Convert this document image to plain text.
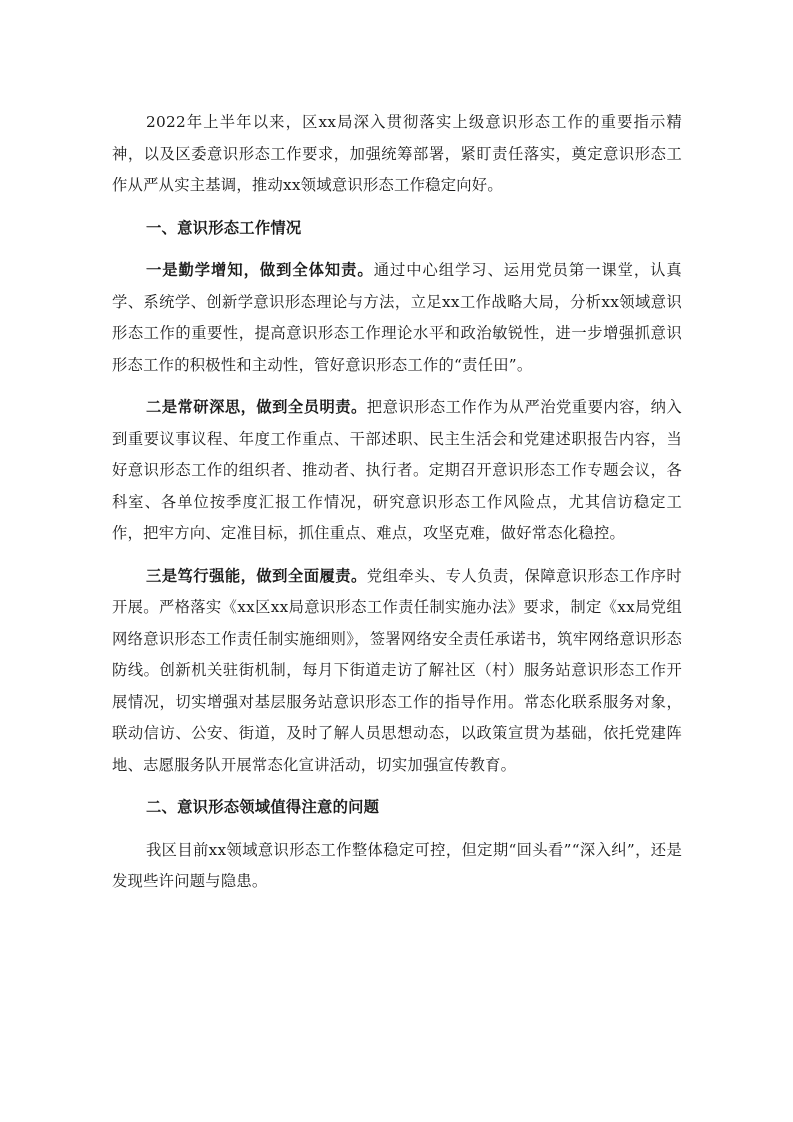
2022年上半年以来，区xx局深入贯彻落实上级意识形态工作的重要指示精神，以及区委意识形态工作要求，加强统筹部署，紧盯责任落实，奠定意识形态工作从严从实主基调，推动xx领域意识形态工作稳定向好。

一、意识形态工作情况

一是勤学增知，做到全体知责。通过中心组学习、运用党员第一课堂，认真学、系统学、创新学意识形态理论与方法，立足xx工作战略大局，分析xx领域意识形态工作的重要性，提高意识形态工作理论水平和政治敏锐性，进一步增强抓意识形态工作的积极性和主动性，管好意识形态工作的“责任田”。

二是常研深思，做到全员明责。把意识形态工作作为从严治党重要内容，纳入到重要议事议程、年度工作重点、干部述职、民主生活会和党建述职报告内容，当好意识形态工作的组织者、推动者、执行者。定期召开意识形态工作专题会议，各科室、各单位按季度汇报工作情况，研究意识形态工作风险点，尤其信访稳定工作，把牢方向、定准目标，抓住重点、难点，攻坚克难，做好常态化稳控。

三是笃行强能，做到全面履责。党组牵头、专人负责，保障意识形态工作序时开展。严格落实《xx区xx局意识形态工作责任制实施办法》要求，制定《xx局党组网络意识形态工作责任制实施细则》，签署网络安全责任承诺书，筑牢网络意识形态防线。创新机关驻街机制，每月下街道走访了解社区（村）服务站意识形态工作开展情况，切实增强对基层服务站意识形态工作的指导作用。常态化联系服务对象，联动信访、公安、街道，及时了解人员思想动态，以政策宣贯为基础，依托党建阵地、志愿服务队开展常态化宣讲活动，切实加强宣传教育。

二、意识形态领域值得注意的问题

我区目前xx领域意识形态工作整体稳定可控，但定期“回头看”“深入纠”，还是发现些许问题与隐患。
